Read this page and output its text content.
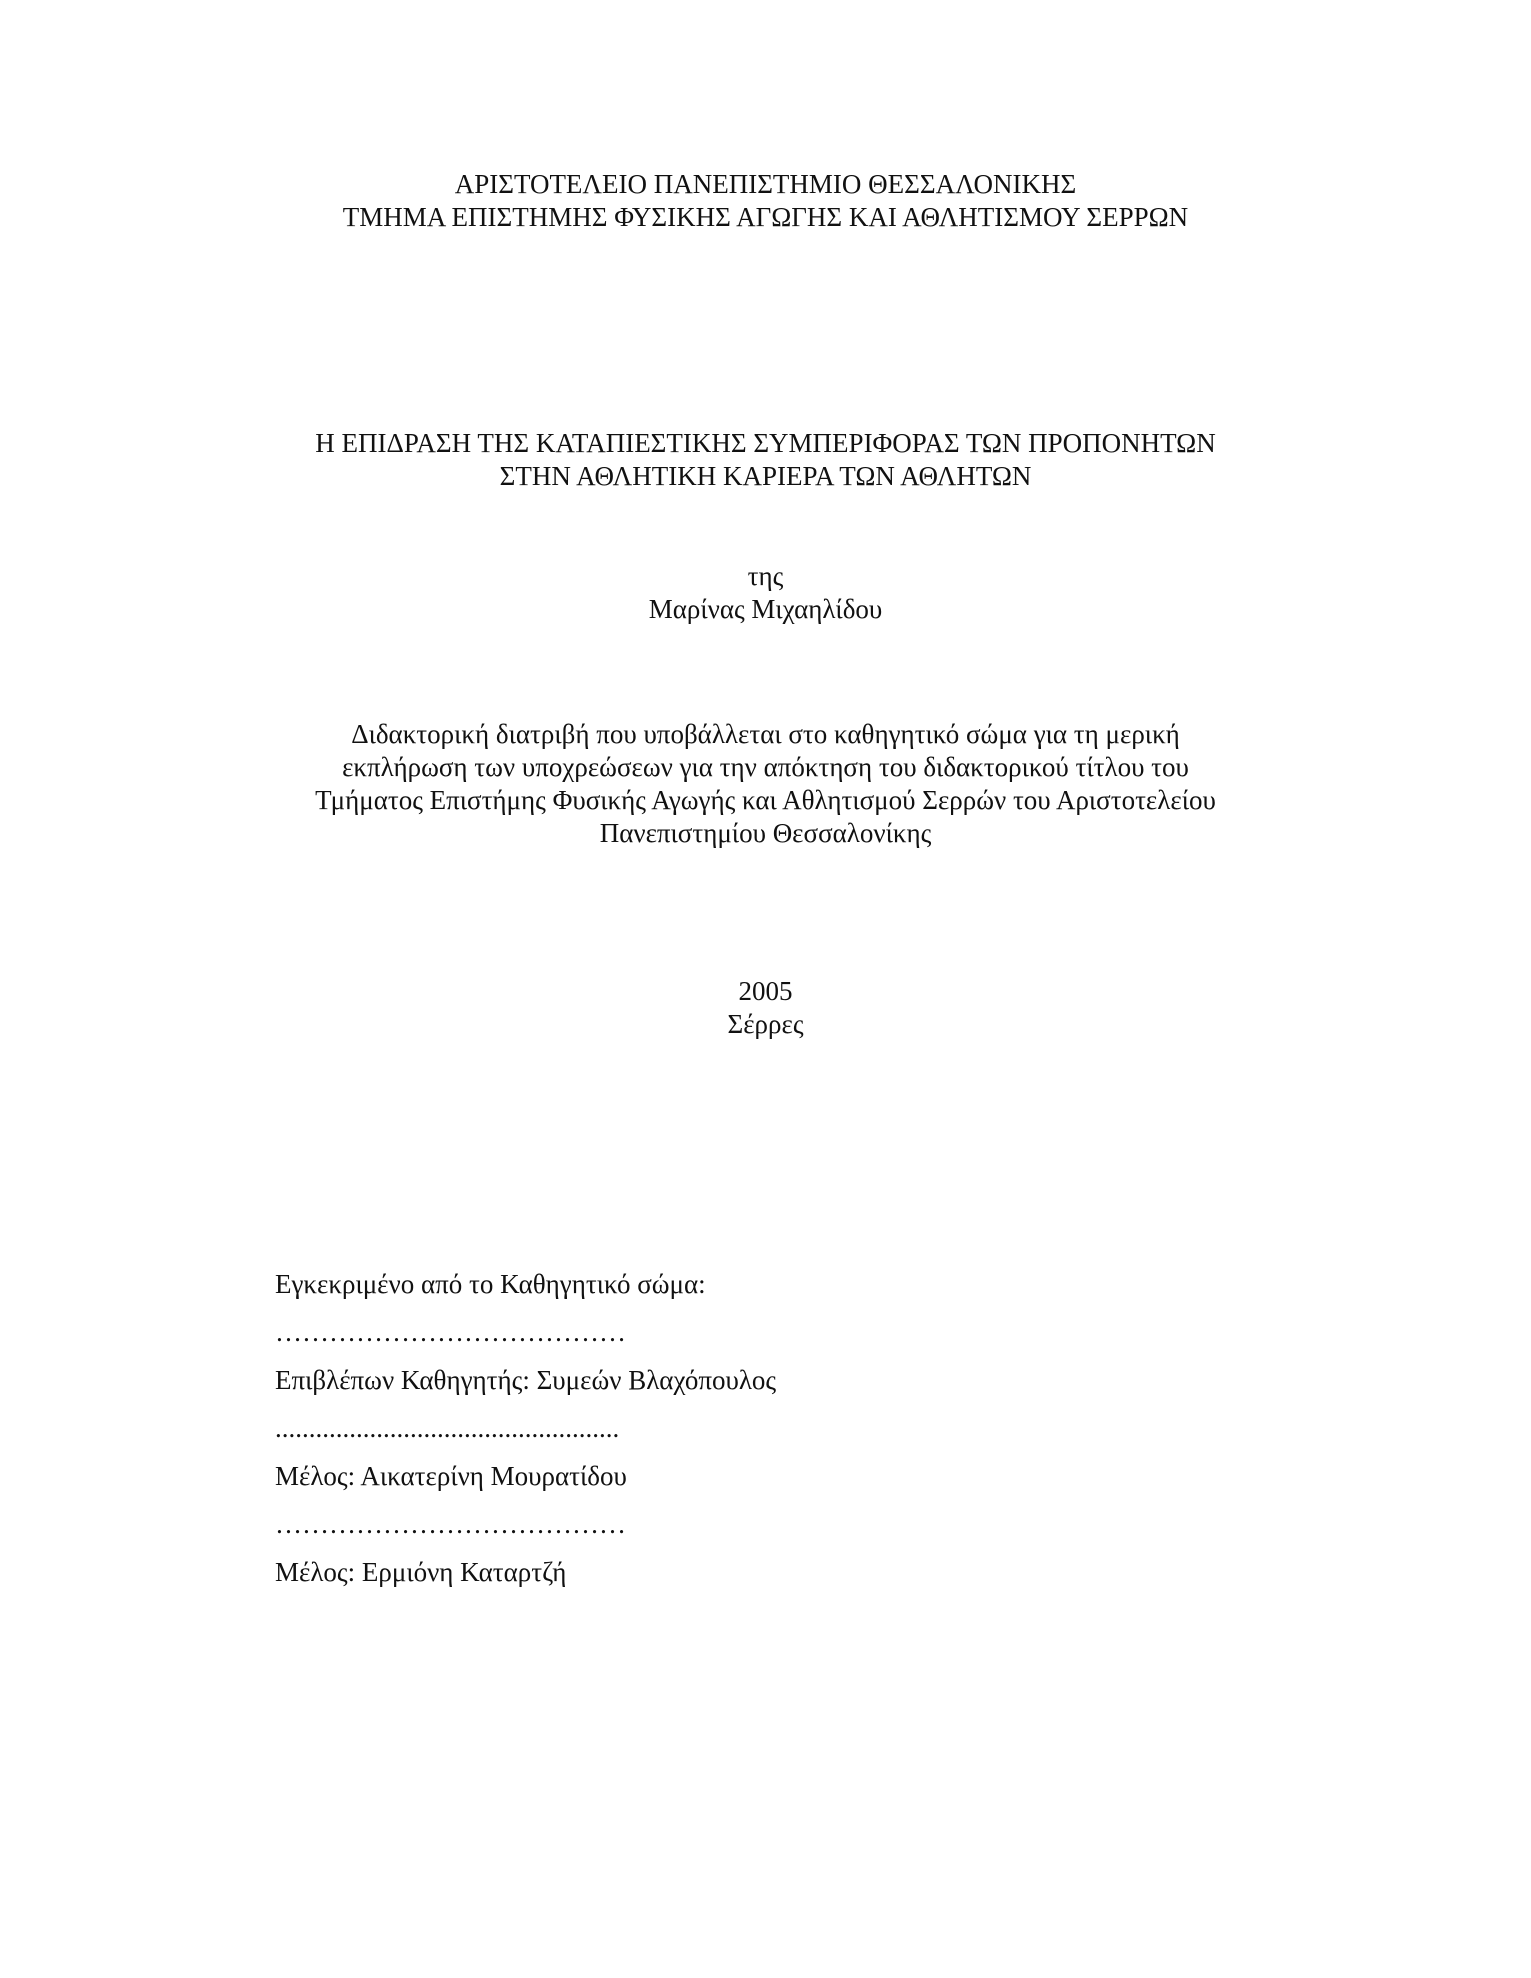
ΑΡΙΣΤΟΤΕΛΕΙΟ ΠΑΝΕΠΙΣΤΗΜΙΟ ΘΕΣΣΑΛΟΝΙΚΗΣ
ΤΜΗΜΑ ΕΠΙΣΤΗΜΗΣ ΦΥΣΙΚΗΣ ΑΓΩΓΗΣ ΚΑΙ ΑΘΛΗΤΙΣΜΟΥ ΣΕΡΡΩΝ
Η ΕΠΙΔΡΑΣΗ ΤΗΣ ΚΑΤΑΠΙΕΣΤΙΚΗΣ ΣΥΜΠΕΡΙΦΟΡΑΣ ΤΩΝ ΠΡΟΠΟΝΗΤΩΝ
ΣΤΗΝ ΑΘΛΗΤΙΚΗ ΚΑΡΙΕΡΑ ΤΩΝ ΑΘΛΗΤΩΝ
της
Μαρίνας Μιχαηλίδου
Διδακτορική διατριβή που υποβάλλεται στο καθηγητικό σώμα για τη μερική
εκπλήρωση των υποχρεώσεων για την απόκτηση του διδακτορικού τίτλου του
Τμήματος Επιστήμης Φυσικής Αγωγής και Αθλητισμού Σερρών του Αριστοτελείου
Πανεπιστημίου Θεσσαλονίκης
2005
Σέρρες
Εγκεκριμένο από το Καθηγητικό σώμα:
…………………………………
Επιβλέπων Καθηγητής: Συμεών Βλαχόπουλος
...................................................
Μέλος: Αικατερίνη Μουρατίδου
…………………………………
Μέλος: Ερμιόνη Καταρτζή
